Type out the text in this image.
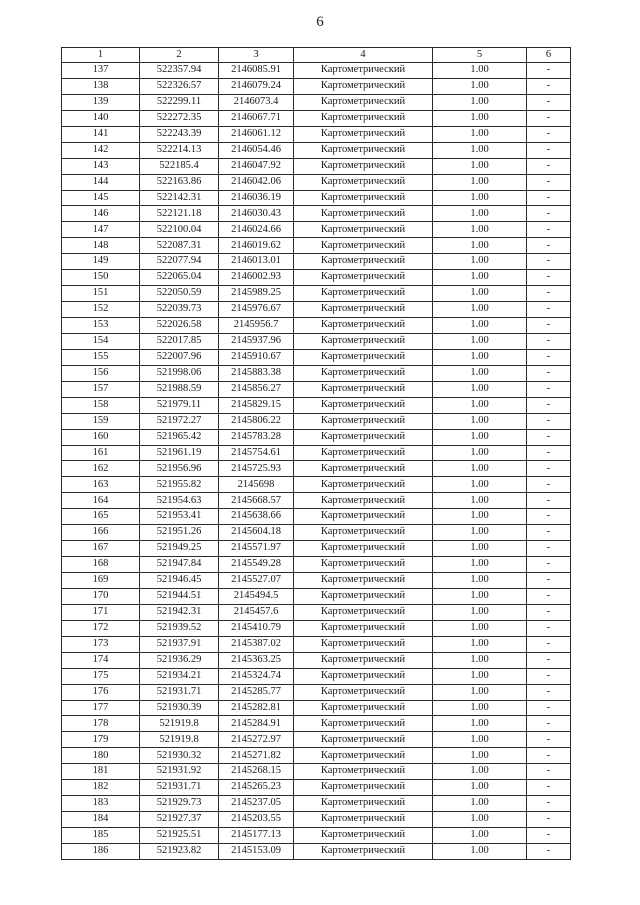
6
1	2	3	4	5	6
137	522357.94	2146085.91	Картометрический	1.00	-
138	522326.57	2146079.24	Картометрический	1.00	-
139	522299.11	2146073.4	Картометрический	1.00	-
140	522272.35	2146067.71	Картометрический	1.00	-
141	522243.39	2146061.12	Картометрический	1.00	-
142	522214.13	2146054.46	Картометрический	1.00	-
143	522185.4	2146047.92	Картометрический	1.00	-
144	522163.86	2146042.06	Картометрический	1.00	-
145	522142.31	2146036.19	Картометрический	1.00	-
146	522121.18	2146030.43	Картометрический	1.00	-
147	522100.04	2146024.66	Картометрический	1.00	-
148	522087.31	2146019.62	Картометрический	1.00	-
149	522077.94	2146013.01	Картометрический	1.00	-
150	522065.04	2146002.93	Картометрический	1.00	-
151	522050.59	2145989.25	Картометрический	1.00	-
152	522039.73	2145976.67	Картометрический	1.00	-
153	522026.58	2145956.7	Картометрический	1.00	-
154	522017.85	2145937.96	Картометрический	1.00	-
155	522007.96	2145910.67	Картометрический	1.00	-
156	521998.06	2145883.38	Картометрический	1.00	-
157	521988.59	2145856.27	Картометрический	1.00	-
158	521979.11	2145829.15	Картометрический	1.00	-
159	521972.27	2145806.22	Картометрический	1.00	-
160	521965.42	2145783.28	Картометрический	1.00	-
161	521961.19	2145754.61	Картометрический	1.00	-
162	521956.96	2145725.93	Картометрический	1.00	-
163	521955.82	2145698	Картометрический	1.00	-
164	521954.63	2145668.57	Картометрический	1.00	-
165	521953.41	2145638.66	Картометрический	1.00	-
166	521951.26	2145604.18	Картометрический	1.00	-
167	521949.25	2145571.97	Картометрический	1.00	-
168	521947.84	2145549.28	Картометрический	1.00	-
169	521946.45	2145527.07	Картометрический	1.00	-
170	521944.51	2145494.5	Картометрический	1.00	-
171	521942.31	2145457.6	Картометрический	1.00	-
172	521939.52	2145410.79	Картометрический	1.00	-
173	521937.91	2145387.02	Картометрический	1.00	-
174	521936.29	2145363.25	Картометрический	1.00	-
175	521934.21	2145324.74	Картометрический	1.00	-
176	521931.71	2145285.77	Картометрический	1.00	-
177	521930.39	2145282.81	Картометрический	1.00	-
178	521919.8	2145284.91	Картометрический	1.00	-
179	521919.8	2145272.97	Картометрический	1.00	-
180	521930.32	2145271.82	Картометрический	1.00	-
181	521931.92	2145268.15	Картометрический	1.00	-
182	521931.71	2145265.23	Картометрический	1.00	-
183	521929.73	2145237.05	Картометрический	1.00	-
184	521927.37	2145203.55	Картометрический	1.00	-
185	521925.51	2145177.13	Картометрический	1.00	-
186	521923.82	2145153.09	Картометрический	1.00	-
